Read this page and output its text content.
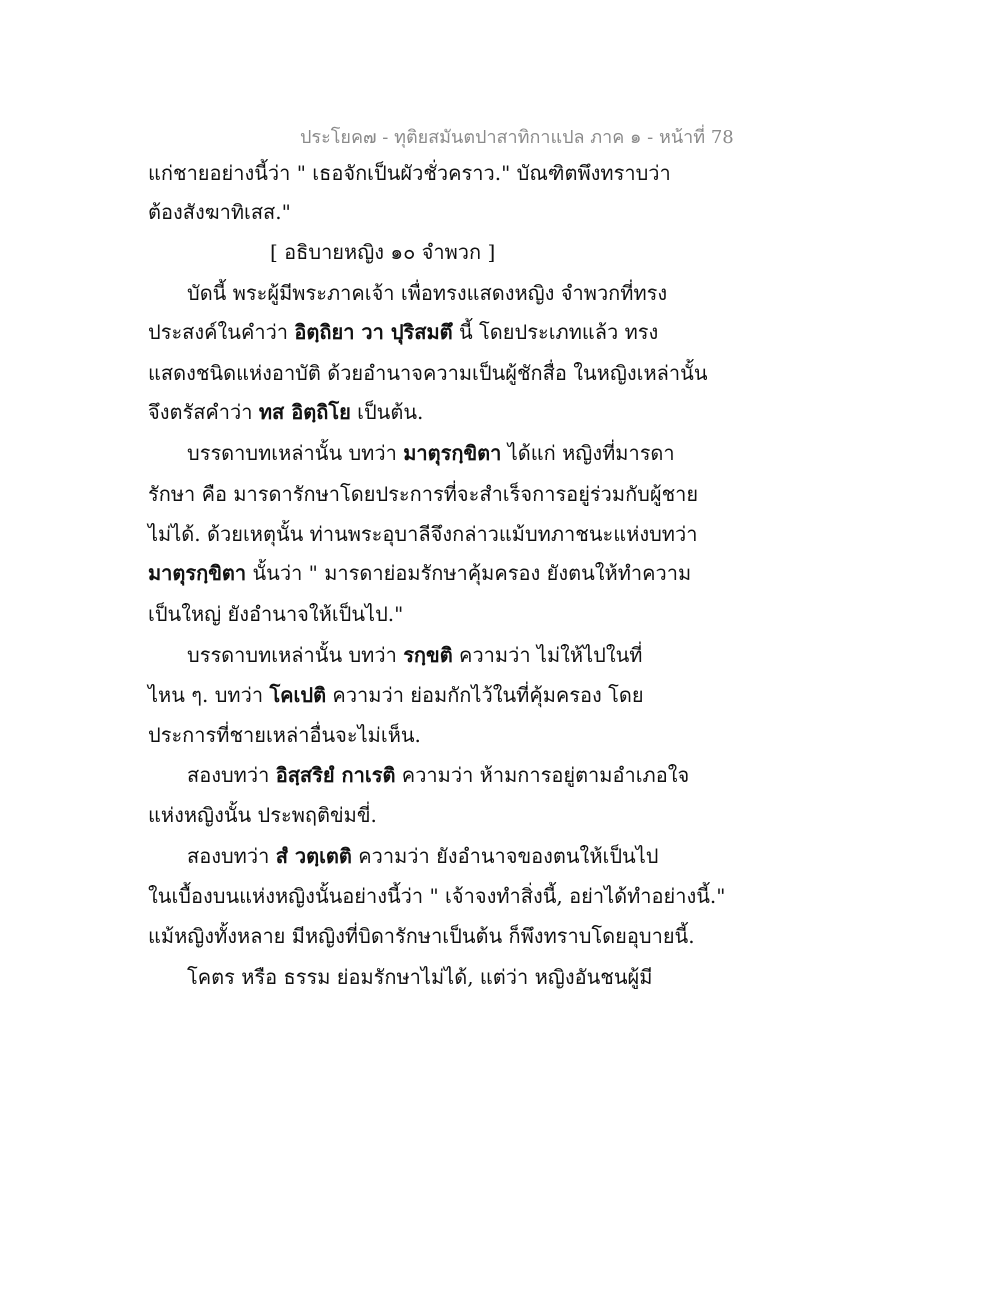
ประโยค๗ - ทุติยสมันตปาสาทิกาแปล ภาค ๑ - หน้าที่ 78
แก่ชายอย่างนี้ว่า " เธอจักเป็นผัวชั่วคราว." บัณฑิตพึงทราบว่า
ต้องสังฆาทิเสส."
[ อธิบายหญิง ๑๐ จำพวก ]
บัดนี้ พระผู้มีพระภาคเจ้า เพื่อทรงแสดงหญิง จำพวกที่ทรง
ประสงค์ในคำว่า อิตฺถิยา วา ปุริสมตึ นี้ โดยประเภทแล้ว ทรง
แสดงชนิดแห่งอาบัติ ด้วยอำนาจความเป็นผู้ชักสื่อ ในหญิงเหล่านั้น
จึงตรัสคำว่า ทส อิตฺถิโย เป็นต้น.
บรรดาบทเหล่านั้น บทว่า มาตุรกฺขิตา ได้แก่ หญิงที่มารดา
รักษา คือ มารดารักษาโดยประการที่จะสำเร็จการอยู่ร่วมกับผู้ชาย
ไม่ได้. ด้วยเหตุนั้น ท่านพระอุบาลีจึงกล่าวแม้บทภาชนะแห่งบทว่า
มาตุรกฺขิตา นั้นว่า " มารดาย่อมรักษาคุ้มครอง ยังตนให้ทำความ
เป็นใหญ่ ยังอำนาจให้เป็นไป."
บรรดาบทเหล่านั้น บทว่า รกฺขติ ความว่า ไม่ให้ไปในที่
ไหน ๆ. บทว่า โคเปติ ความว่า ย่อมกักไว้ในที่คุ้มครอง โดย
ประการที่ชายเหล่าอื่นจะไม่เห็น.
สองบทว่า อิสฺสริยํ กาเรติ ความว่า ห้ามการอยู่ตามอำเภอใจ
แห่งหญิงนั้น ประพฤติข่มขี่.
สองบทว่า สํ วตฺเตติ ความว่า ยังอำนาจของตนให้เป็นไป
ในเบื้องบนแห่งหญิงนั้นอย่างนี้ว่า " เจ้าจงทำสิ่งนี้, อย่าได้ทำอย่างนี้."
แม้หญิงทั้งหลาย มีหญิงที่บิดารักษาเป็นต้น ก็พึงทราบโดยอุบายนี้.
โคตร หรือ ธรรม ย่อมรักษาไม่ได้, แต่ว่า หญิงอันชนผู้มี
